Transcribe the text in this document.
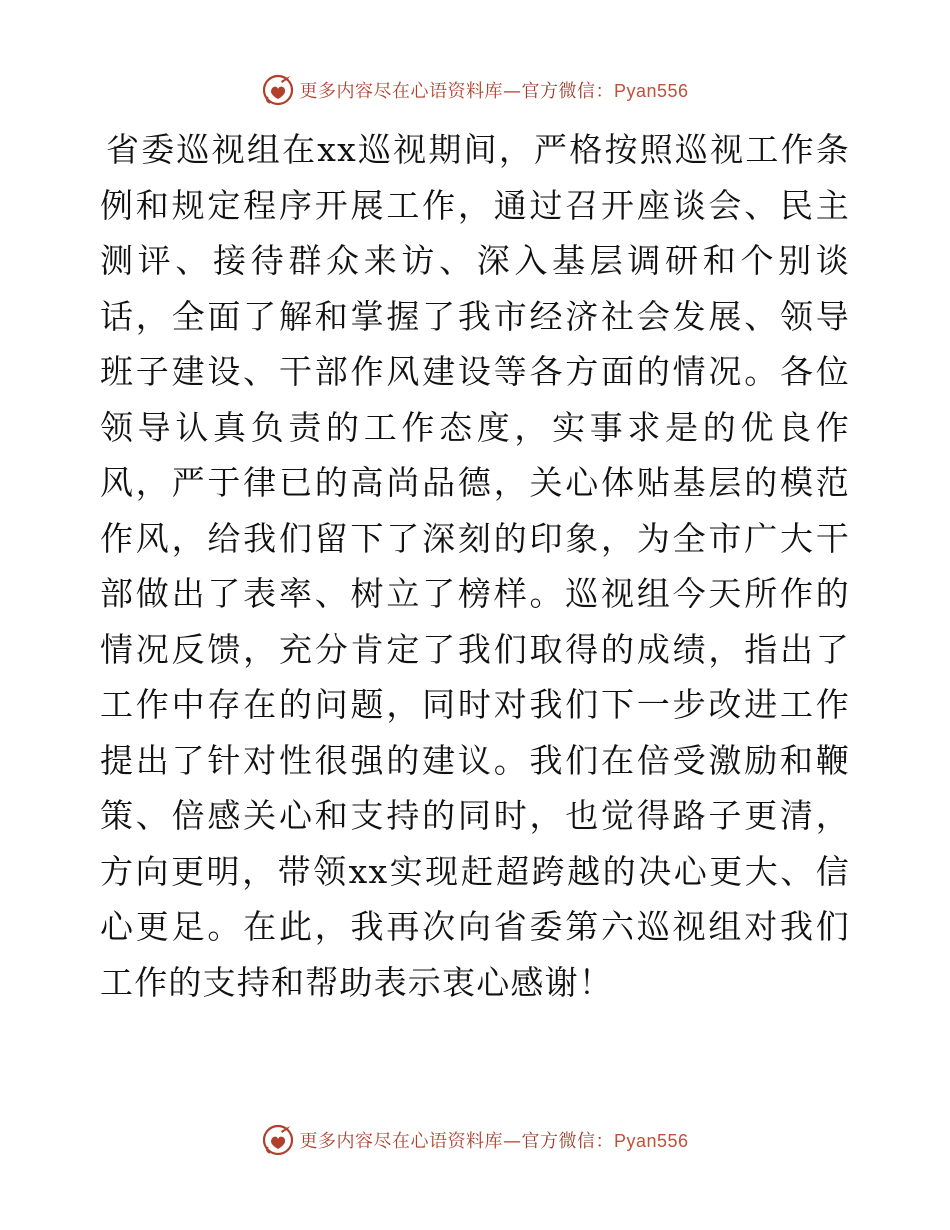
更多内容尽在心语资料库—官方微信：Pyan556

省委巡视组在xx巡视期间，严格按照巡视工作条例和规定程序开展工作，通过召开座谈会、民主测评、接待群众来访、深入基层调研和个别谈话，全面了解和掌握了我市经济社会发展、领导班子建设、干部作风建设等各方面的情况。各位领导认真负责的工作态度，实事求是的优良作风，严于律已的高尚品德，关心体贴基层的模范作风，给我们留下了深刻的印象，为全市广大干部做出了表率、树立了榜样。巡视组今天所作的情况反馈，充分肯定了我们取得的成绩，指出了工作中存在的问题，同时对我们下一步改进工作提出了针对性很强的建议。我们在倍受激励和鞭策、倍感关心和支持的同时，也觉得路子更清，方向更明，带领xx实现赶超跨越的决心更大、信心更足。在此，我再次向省委第六巡视组对我们工作的支持和帮助表示衷心感谢！

更多内容尽在心语资料库—官方微信：Pyan556
